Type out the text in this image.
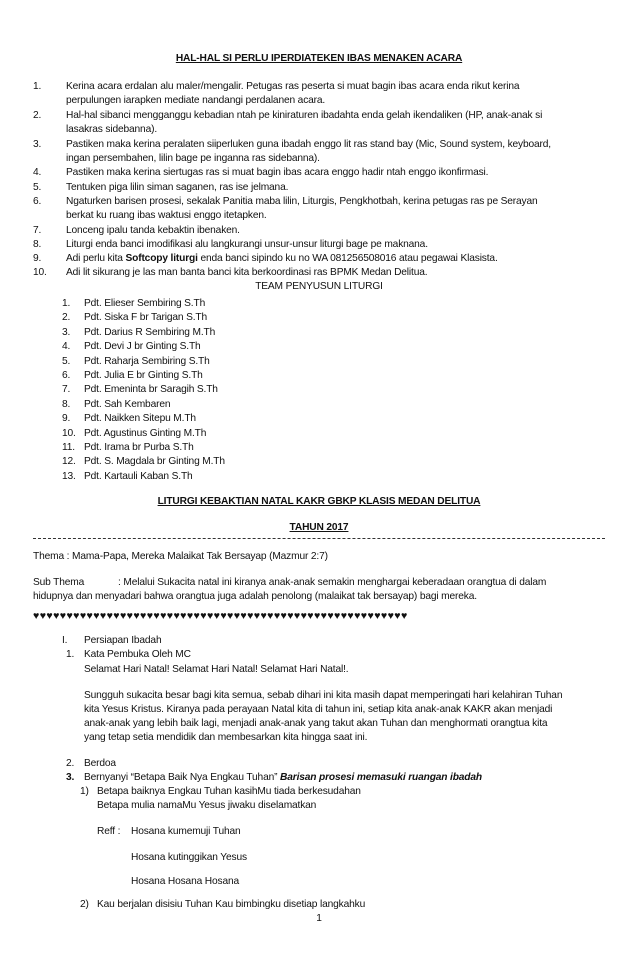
HAL-HAL SI PERLU IPERDIATEKEN IBAS MENAKEN ACARA
1. Kerina acara erdalan alu maler/mengalir. Petugas ras peserta si muat bagin ibas acara enda rikut kerina
perpulungen iarapken mediate nandangi perdalanen acara.
2. Hal-hal sibanci mengganggu kebadian ntah pe kiniraturen ibadahta enda gelah ikendaliken (HP, anak-anak si
lasakras sidebanna).
3. Pastiken maka kerina peralaten siiperluken guna ibadah enggo lit ras stand bay (Mic, Sound system, keyboard,
ingan persembahen, lilin bage pe inganna ras sidebanna).
4. Pastiken maka kerina siertugas ras si muat bagin ibas acara enggo hadir ntah enggo ikonfirmasi.
5. Tentuken piga lilin siman saganen, ras ise jelmana.
6. Ngaturken barisen prosesi, sekalak Panitia maba lilin, Liturgis, Pengkhotbah, kerina petugas ras pe Serayan
berkat ku ruang ibas waktusi enggo itetapken.
7. Lonceng ipalu tanda kebaktin ibenaken.
8. Liturgi enda banci imodifikasi alu langkurangi unsur-unsur liturgi bage pe maknana.
9. Adi perlu kita Softcopy liturgi enda banci sipindo ku no WA 081256508016 atau pegawai Klasista.
10. Adi lit sikurang je las man banta banci kita berkoordinasi ras BPMK Medan Delitua.
TEAM PENYUSUN LITURGI
1. Pdt. Elieser Sembiring S.Th
2. Pdt. Siska F br Tarigan S.Th
3. Pdt. Darius R Sembiring M.Th
4. Pdt. Devi J br Ginting S.Th
5. Pdt. Raharja Sembiring S.Th
6. Pdt. Julia E br Ginting S.Th
7. Pdt. Emeninta br Saragih S.Th
8. Pdt. Sah Kembaren
9. Pdt. Naikken Sitepu M.Th
10. Pdt. Agustinus Ginting M.Th
11. Pdt. Irama br Purba S.Th
12. Pdt. S. Magdala br Ginting M.Th
13. Pdt. Kartauli Kaban S.Th
LITURGI KEBAKTIAN NATAL KAKR GBKP KLASIS MEDAN DELITUA
TAHUN 2017
Thema : Mama-Papa, Mereka Malaikat Tak Bersayap (Mazmur 2:7)
Sub Thema	: Melalui Sukacita natal ini kiranya anak-anak semakin menghargai keberadaan orangtua di dalam
hidupnya dan menyadari bahwa orangtua juga adalah penolong (malaikat tak bersayap) bagi mereka.
♥♥♥♥♥♥♥♥♥♥♥♥♥♥♥♥♥♥♥♥♥♥♥♥♥♥♥♥♥♥♥♥♥♥♥♥♥♥♥♥♥♥♥♥♥♥♥♥♥♥♥♥♥♥♥♥
I. Persiapan Ibadah
1. Kata Pembuka Oleh MC
Selamat Hari Natal! Selamat Hari Natal! Selamat Hari Natal!.
Sungguh sukacita besar bagi kita semua, sebab dihari ini kita masih dapat memperingati hari kelahiran Tuhan
kita Yesus Kristus. Kiranya pada perayaan Natal kita di tahun ini, setiap kita anak-anak KAKR akan menjadi
anak-anak yang lebih baik lagi, menjadi anak-anak yang takut akan Tuhan dan menghormati orangtua kita
yang tetap setia mendidik dan membesarkan kita hingga saat ini.
2. Berdoa
3. Bernyanyi “Betapa Baik Nya Engkau Tuhan” Barisan prosesi memasuki ruangan ibadah
1) Betapa baiknya Engkau Tuhan kasihMu tiada berkesudahan
Betapa mulia namaMu Yesus jiwaku diselamatkan
Reff : Hosana kumemuji Tuhan
Hosana kutinggikan Yesus
Hosana Hosana Hosana
2) Kau berjalan disisiu Tuhan Kau bimbingku disetiap langkahku
1
